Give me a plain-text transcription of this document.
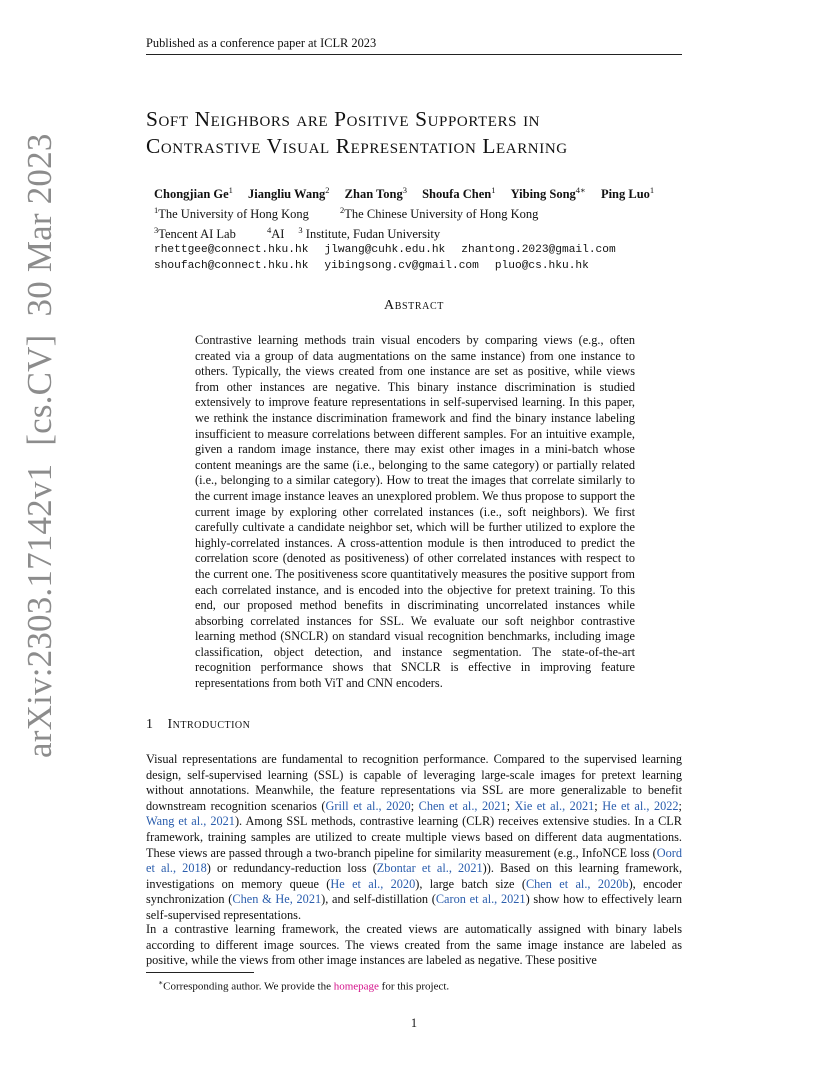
Published as a conference paper at ICLR 2023
arXiv:2303.17142v1[cs.CV]30 Mar 2023
Soft Neighbors are Positive Supporters in
Contrastive Visual Representation Learning
Chongjian Ge$^1$ Jiangliu Wang$^2$ Zhan Tong$^3$ Shoufa Chen$^1$ Yibing Song$^{4∗}$ Ping Luo$^1$
$^1$The University of Hong Kong	$^2$The Chinese University of Hong Kong
$^3$Tencent AI Lab	$^4$AI $^3$ Institute, Fudan University
rhettgee@connect.hku.hk jlwang@cuhk.edu.hk zhantong.2023@gmail.com
shoufach@connect.hku.hk yibingsong.cv@gmail.com pluo@cs.hku.hk
Abstract
Contrastive learning methods train visual encoders by comparing views (e.g., often created via a group of data augmentations on the same instance) from one instance to others. Typically, the views created from one instance are set as positive, while views from other instances are negative. This binary instance discrimination is studied extensively to improve feature representations in self-supervised learning. In this paper, we rethink the instance discrimination framework and find the binary instance labeling insufficient to measure correlations between different samples. For an intuitive example, given a random image instance, there may exist other images in a mini-batch whose content meanings are the same (i.e., belonging to the same category) or partially related (i.e., belonging to a similar category). How to treat the images that correlate similarly to the current image instance leaves an unexplored problem. We thus propose to support the current image by exploring other correlated instances (i.e., soft neighbors). We first carefully cultivate a candidate neighbor set, which will be further utilized to explore the highly-correlated instances. A cross-attention module is then introduced to predict the correlation score (denoted as positiveness) of other correlated instances with respect to the current one. The positiveness score quantitatively measures the positive support from each correlated instance, and is encoded into the objective for pretext training. To this end, our proposed method benefits in discriminating uncorrelated instances while absorbing correlated instances for SSL. We evaluate our soft neighbor contrastive learning method (SNCLR) on standard visual recognition benchmarks, including image classification, object detection, and instance segmentation. The state-of-the-art recognition performance shows that SNCLR is effective in improving feature representations from both ViT and CNN encoders.
1 Introduction
Visual representations are fundamental to recognition performance. Compared to the supervised learning design, self-supervised learning (SSL) is capable of leveraging large-scale images for pretext learning without annotations. Meanwhile, the feature representations via SSL are more generalizable to benefit downstream recognition scenarios (Grill et al., 2020; Chen et al., 2021; Xie et al., 2021; He et al., 2022; Wang et al., 2021). Among SSL methods, contrastive learning (CLR) receives extensive studies. In a CLR framework, training samples are utilized to create multiple views based on different data augmentations. These views are passed through a two-branch pipeline for similarity measurement (e.g., InfoNCE loss (Oord et al., 2018) or redundancy-reduction loss (Zbontar et al., 2021)). Based on this learning framework, investigations on memory queue (He et al., 2020), large batch size (Chen et al., 2020b), encoder synchronization (Chen & He, 2021), and self-distillation (Caron et al., 2021) show how to effectively learn self-supervised representations.
In a contrastive learning framework, the created views are automatically assigned with binary labels according to different image sources. The views created from the same image instance are labeled as positive, while the views from other image instances are labeled as negative. These positive
∗Corresponding author. We provide the homepage for this project.
1
